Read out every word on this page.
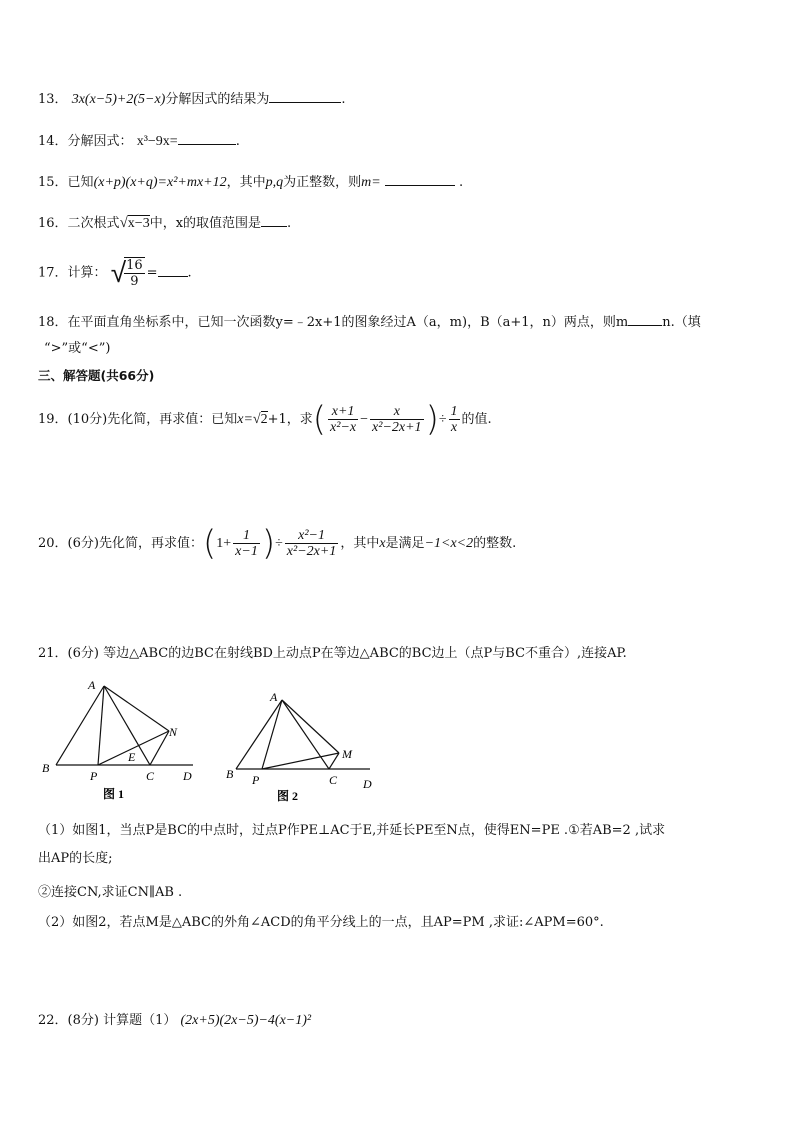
13． 3x(x−5)+2(5−x)分解因式的结果为	.
14．分解因式： x³−9x=	.
15．已知(x+p)(x+q)=x²+mx+12，其中p,q为正整数，则m=	.
16．二次根式√x−3中，x的取值范围是 .
17．计算： √
$\frac{16}{9}$ = .
18．在平面直角坐标系中，已知一次函数y=﹣2x+1的图象经过A（a，m)，B（a+1，n）两点，则m	n.（填
“>”或“<”)
三、解答题(共66分)
19．(10分)先化简，再求值：已知x=√2+1，求( $\frac{x+1}{\text{x²−x}} - \frac{x}{\text{x²−2x+1}}$ )÷ $\frac{1}{x}$ 的值.
20．(6分)先化简，再求值：($1+ \frac{1}{x-1}$ )÷ $\frac{\text{x²−1}}{\text{x²−2x+1}}$ ，其中x是满足−1<x<2的整数.
21．(6分) 等边△ABC的边BC在射线BD上动点P在等边△ABC的BC边上（点P与BC不重合）,连接AP.
A
B
P	C D
E
N
图 1
A
B P	C D
M
图 2
（1）如图1，当点P是BC的中点时，过点P作PE⊥AC于E,并延长PE至N点，使得EN=PE .①若AB=2 ,试求
出AP的长度;
②连接CN,求证CN∥AB .
（2）如图2，若点M是△ABC的外角∠ACD的角平分线上的一点，且AP=PM ,求证:∠APM=60°.
22．(8分) 计算题（1） (2x+5)(2x−5)−4(x−1)²
